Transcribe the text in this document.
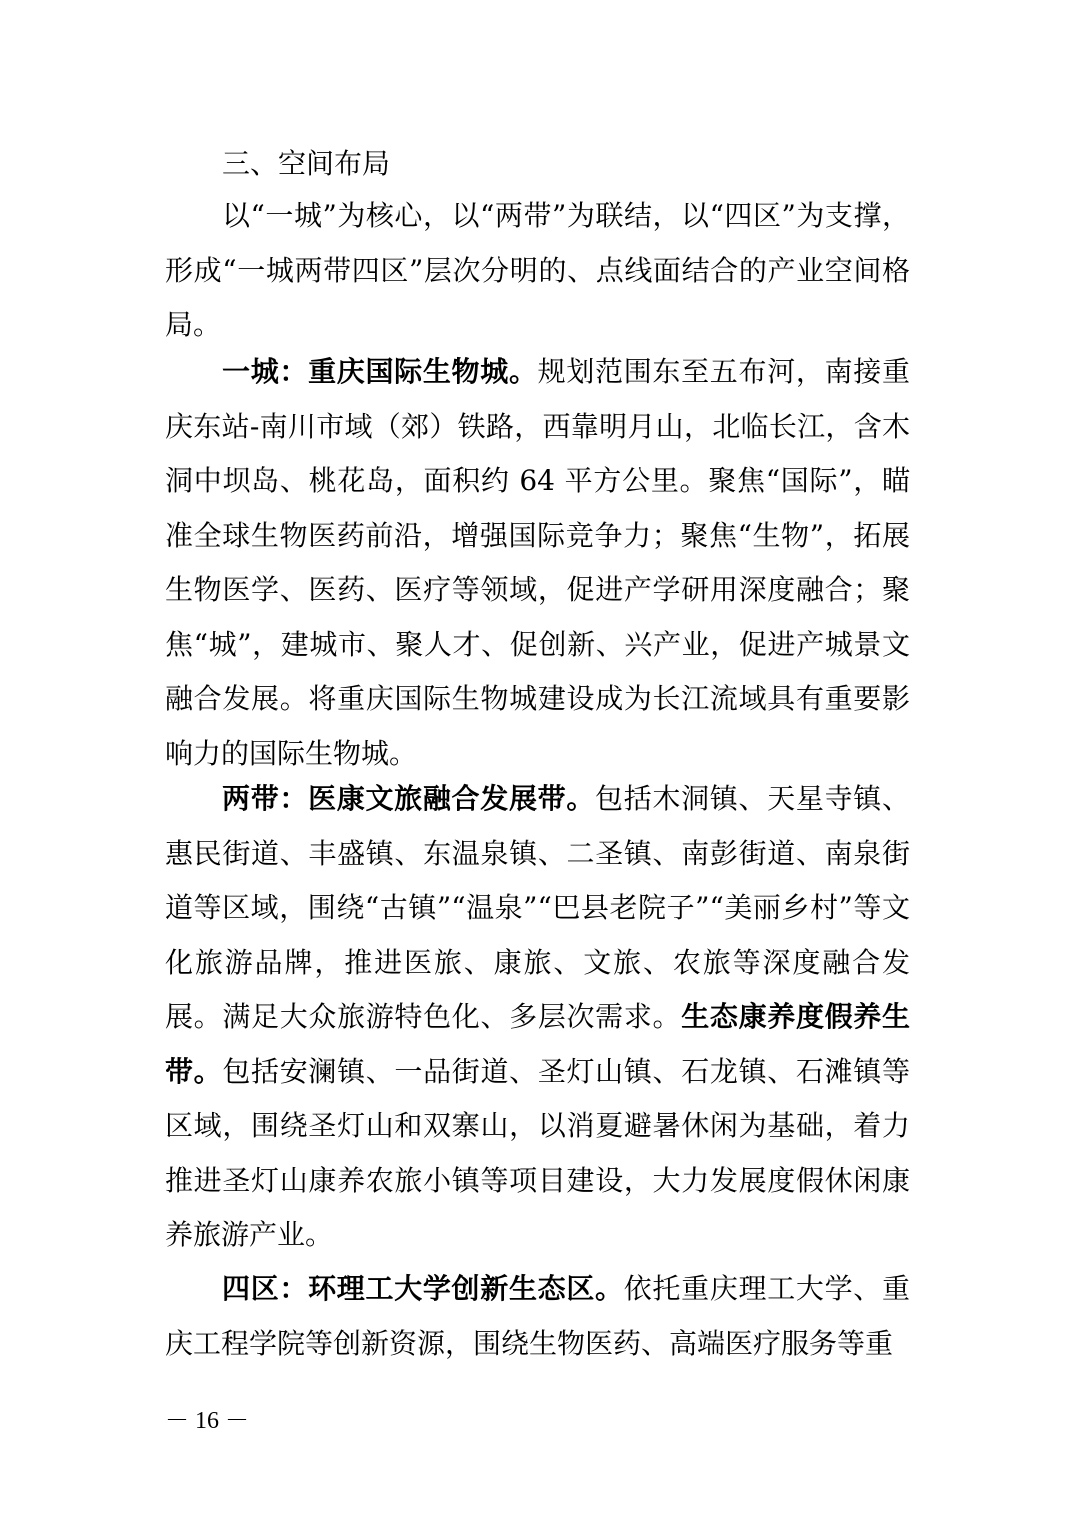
三、空间布局

以“一城”为核心，以“两带”为联结，以“四区”为支撑，形成“一城两带四区”层次分明的、点线面结合的产业空间格局。

一城：重庆国际生物城。规划范围东至五布河，南接重庆东站-南川市域（郊）铁路，西靠明月山，北临长江，含木洞中坝岛、桃花岛，面积约 64 平方公里。聚焦“国际”，瞄准全球生物医药前沿，增强国际竞争力；聚焦“生物”，拓展生物医学、医药、医疗等领域，促进产学研用深度融合；聚焦“城”，建城市、聚人才、促创新、兴产业，促进产城景文融合发展。将重庆国际生物城建设成为长江流域具有重要影响力的国际生物城。

两带：医康文旅融合发展带。包括木洞镇、天星寺镇、惠民街道、丰盛镇、东温泉镇、二圣镇、南彭街道、南泉街道等区域，围绕“古镇”“温泉”“巴县老院子”“美丽乡村”等文化旅游品牌，推进医旅、康旅、文旅、农旅等深度融合发展。满足大众旅游特色化、多层次需求。生态康养度假养生带。包括安澜镇、一品街道、圣灯山镇、石龙镇、石滩镇等区域，围绕圣灯山和双寨山，以消夏避暑休闲为基础，着力推进圣灯山康养农旅小镇等项目建设，大力发展度假休闲康养旅游产业。

四区：环理工大学创新生态区。依托重庆理工大学、重庆工程学院等创新资源，围绕生物医药、高端医疗服务等重

－ 16 －
